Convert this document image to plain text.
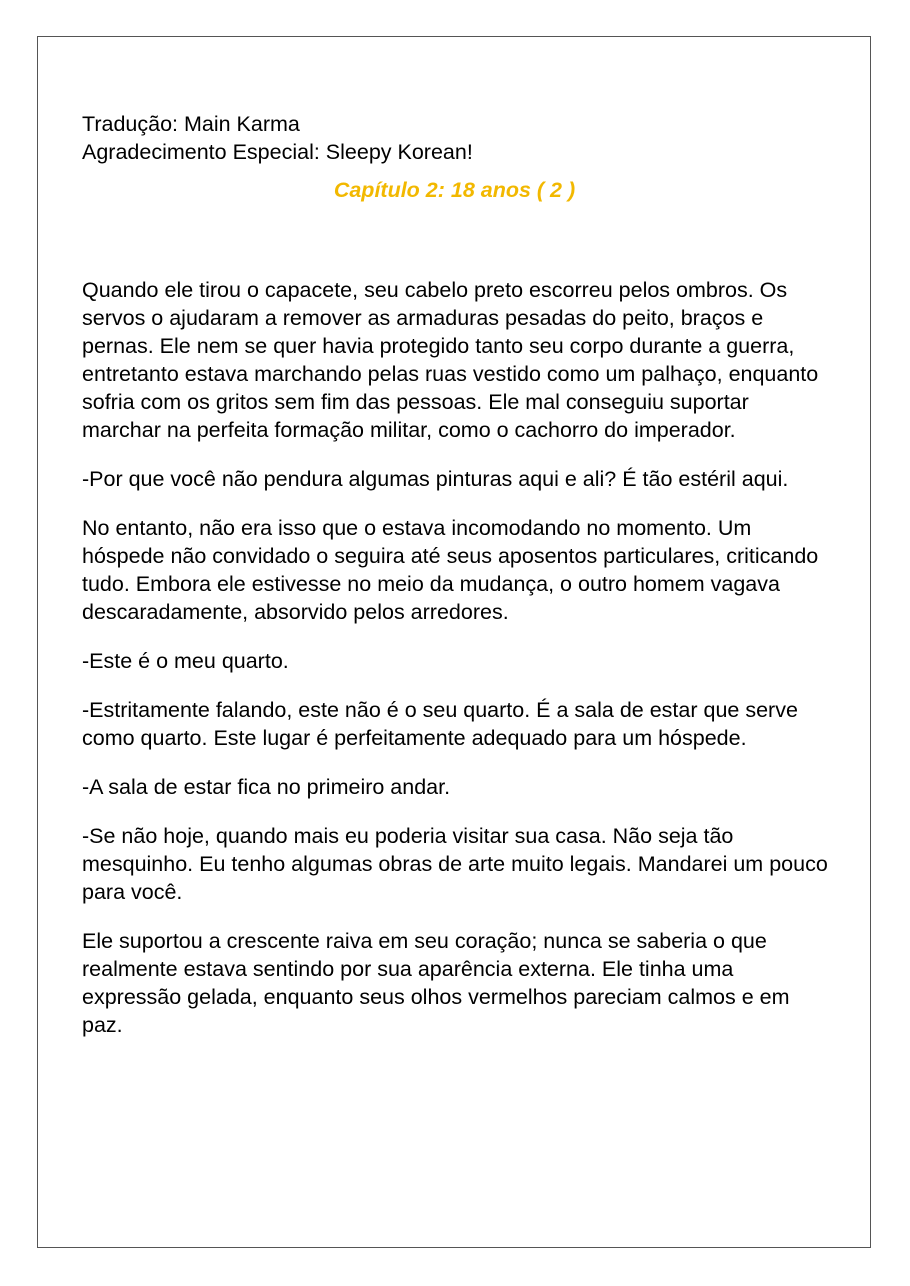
Tradução: Main Karma

Agradecimento Especial: Sleepy Korean!

Capítulo 2: 18 anos ( 2 )

Quando ele tirou o capacete, seu cabelo preto escorreu pelos ombros. Os servos o ajudaram a remover as armaduras pesadas do peito, braços e pernas. Ele nem se quer havia protegido tanto seu corpo durante a guerra, entretanto estava marchando pelas ruas vestido como um palhaço, enquanto sofria com os gritos sem fim das pessoas. Ele mal conseguiu suportar marchar na perfeita formação militar, como o cachorro do imperador.

-Por que você não pendura algumas pinturas aqui e ali? É tão estéril aqui.

No entanto, não era isso que o estava incomodando no momento. Um hóspede não convidado o seguira até seus aposentos particulares, criticando tudo. Embora ele estivesse no meio da mudança, o outro homem vagava descaradamente, absorvido pelos arredores.

-Este é o meu quarto.

-Estritamente falando, este não é o seu quarto. É a sala de estar que serve como quarto. Este lugar é perfeitamente adequado para um hóspede.

-A sala de estar fica no primeiro andar.

-Se não hoje, quando mais eu poderia visitar sua casa. Não seja tão mesquinho. Eu tenho algumas obras de arte muito legais. Mandarei um pouco para você.

Ele suportou a crescente raiva em seu coração; nunca se saberia o que realmente estava sentindo por sua aparência externa. Ele tinha uma expressão gelada, enquanto seus olhos vermelhos pareciam calmos e em paz.
